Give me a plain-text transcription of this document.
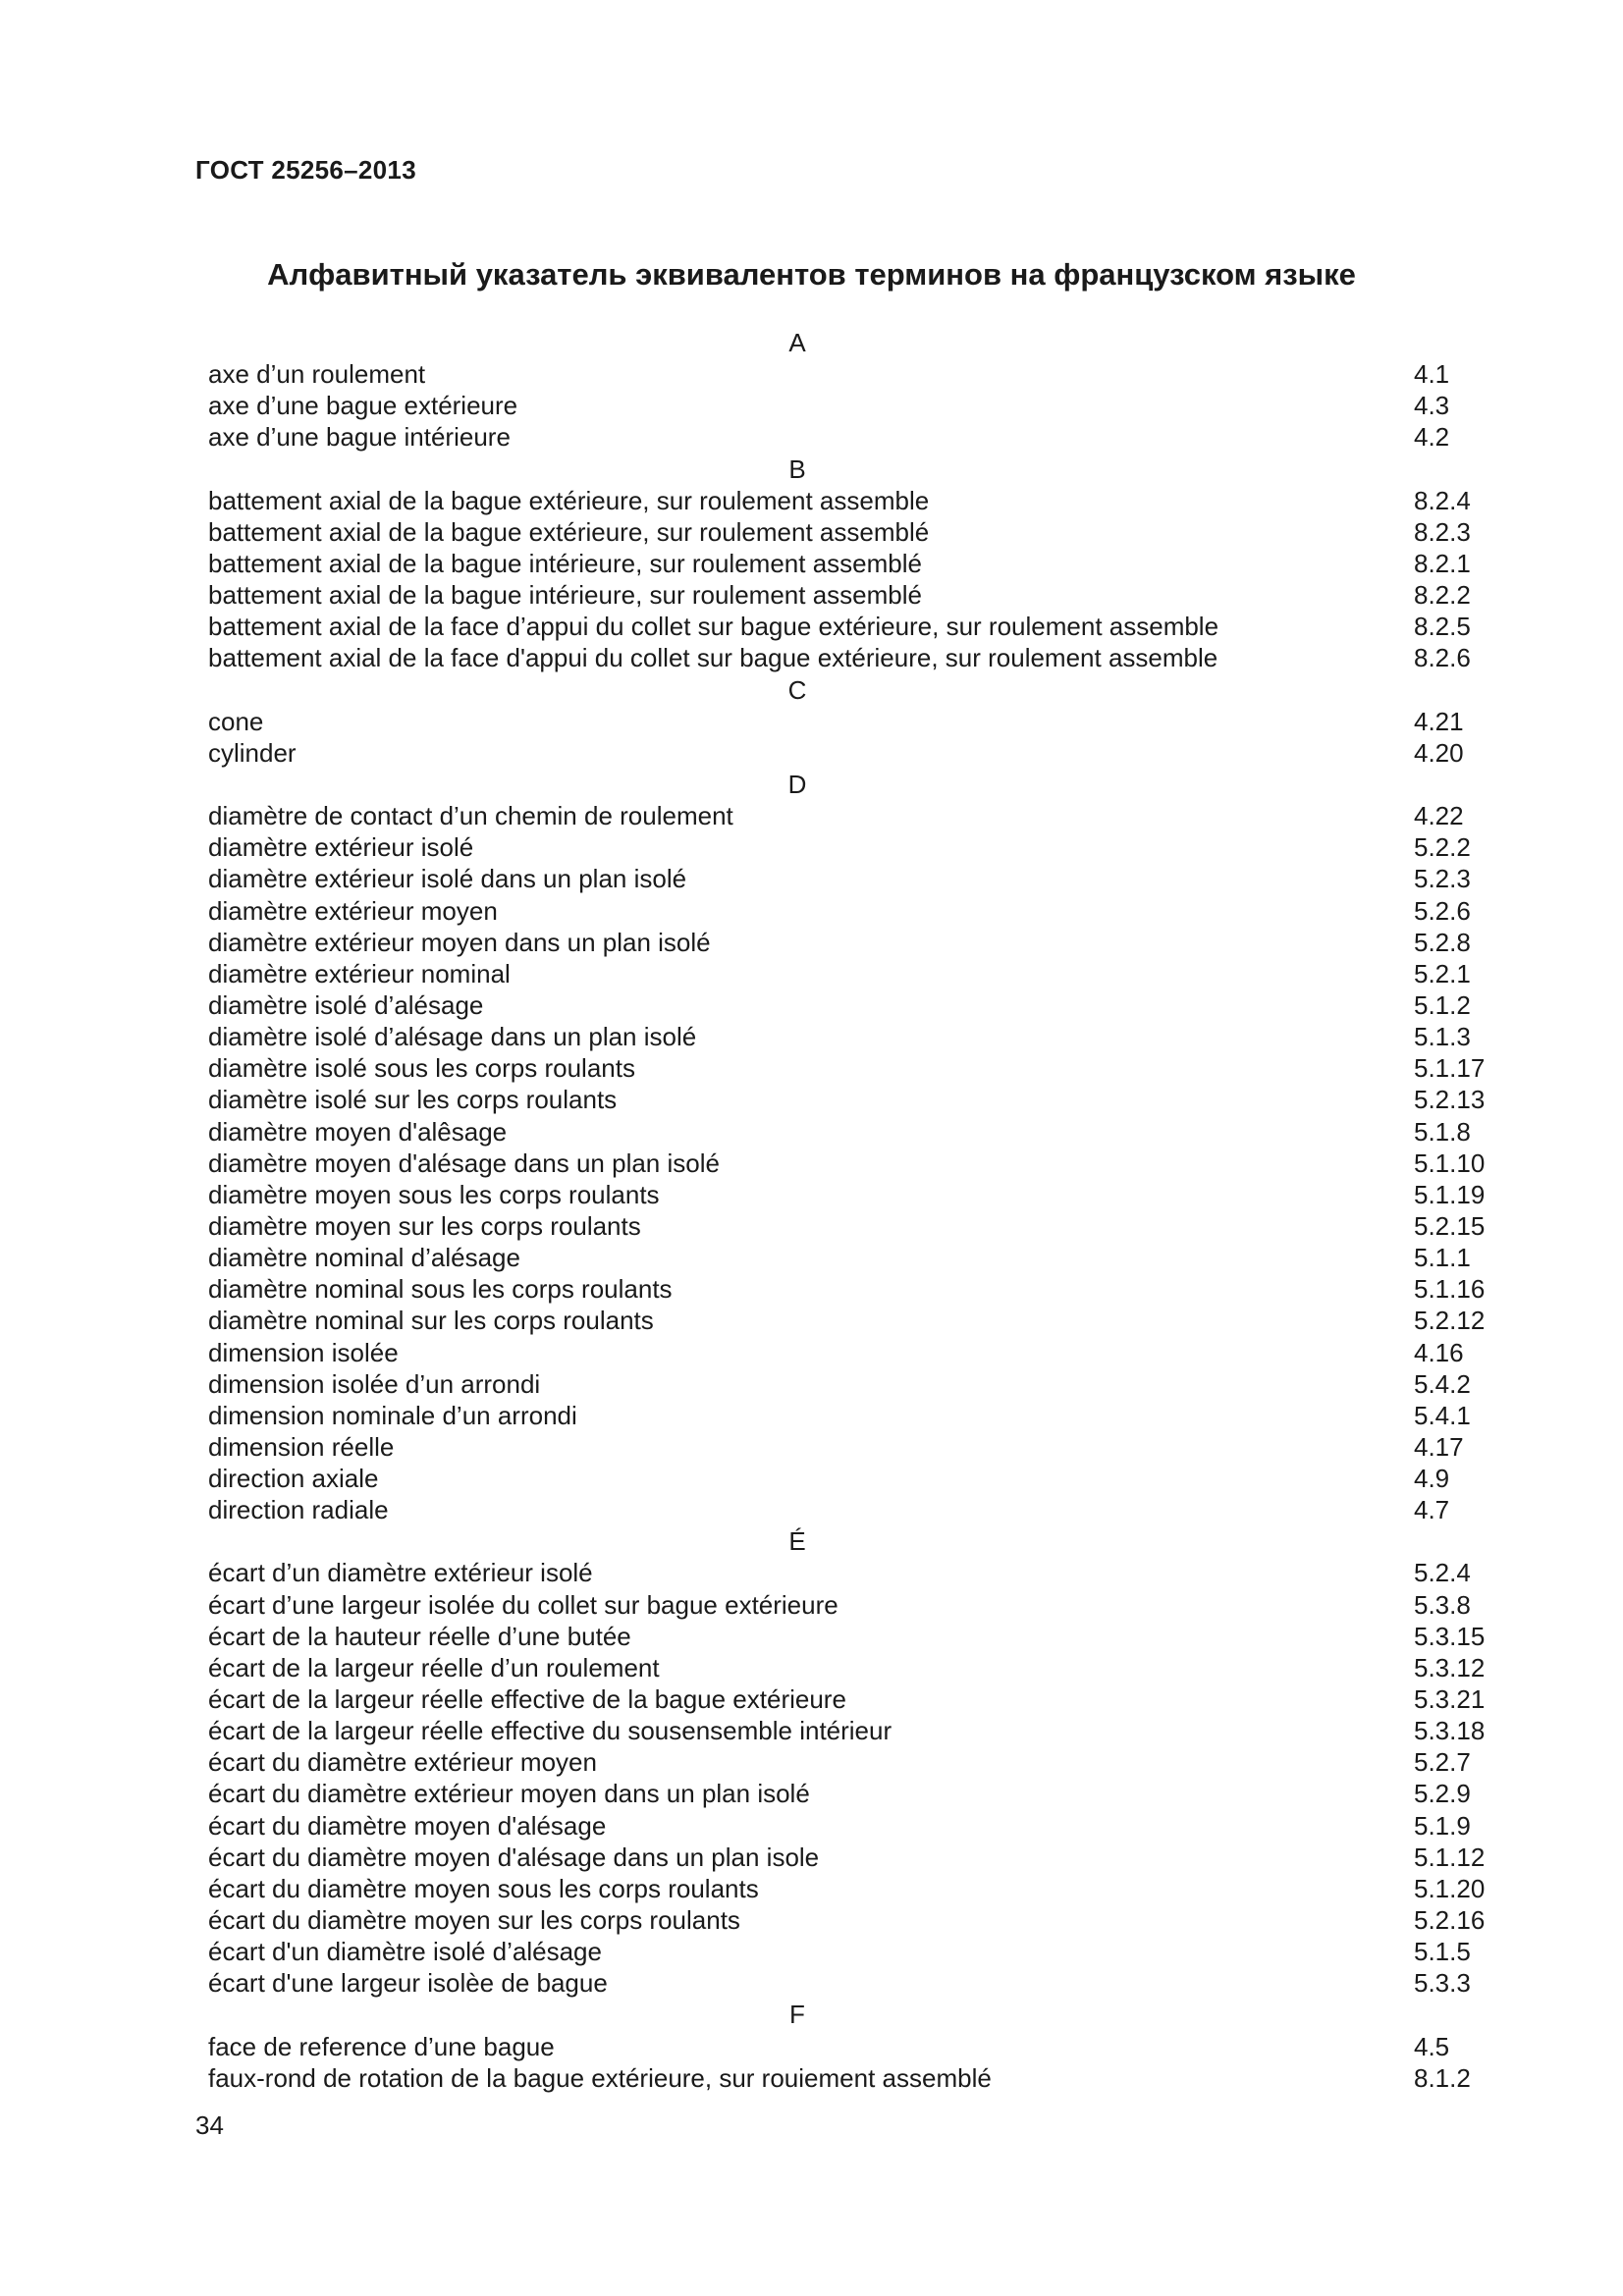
ГОСТ 25256–2013
Алфавитный указатель эквивалентов терминов на французском языке
A
axe d’un roulement	4.1
axe d’une bague extérieure	4.3
axe d’une bague intérieure	4.2
B
battement axial de la bague extérieure, sur roulement assemble	8.2.4
battement axial de la bague extérieure, sur roulement assemblé	8.2.3
battement axial de la bague intérieure, sur roulement assemblé	8.2.1
battement axial de la bague intérieure, sur roulement assemblé	8.2.2
battement axial de la face d’appui du collet sur bague extérieure, sur roulement assemble	8.2.5
battement axial de la face d'appui du collet sur bague extérieure, sur roulement assemble	8.2.6
C
cone	4.21
cylinder	4.20
D
diamètre de contact d’un chemin de roulement	4.22
diamètre extérieur isolé	5.2.2
diamètre extérieur isolé dans un plan isolé	5.2.3
diamètre extérieur moyen	5.2.6
diamètre extérieur moyen dans un plan isolé	5.2.8
diamètre extérieur nominal	5.2.1
diamètre isolé d’alésage	5.1.2
diamètre isolé d’alésage dans un plan isolé	5.1.3
diamètre isolé sous les corps roulants	5.1.17
diamètre isolé sur les corps roulants	5.2.13
diamètre moyen d'alêsage	5.1.8
diamètre moyen d'alésage dans un plan isolé	5.1.10
diamètre moyen sous les corps roulants	5.1.19
diamètre moyen sur les corps roulants	5.2.15
diamètre nominal d’alésage	5.1.1
diamètre nominal sous les corps roulants	5.1.16
diamètre nominal sur les corps roulants	5.2.12
dimension isolée	4.16
dimension isolée d’un arrondi	5.4.2
dimension nominale d’un arrondi	5.4.1
dimension réelle	4.17
direction axiale	4.9
direction radiale	4.7
É
écart d’un diamètre extérieur isolé	5.2.4
écart d’une largeur isolée du collet sur bague extérieure	5.3.8
écart de la hauteur réelle d’une butée	5.3.15
écart de la largeur réelle d’un roulement	5.3.12
écart de la largeur réelle effective de la bague extérieure	5.3.21
écart de la largeur réelle effective du sousensemble intérieur	5.3.18
écart du diamètre extérieur moyen	5.2.7
écart du diamètre extérieur moyen dans un plan isolé	5.2.9
écart du diamètre moyen d'alésage	5.1.9
écart du diamètre moyen d'alésage dans un plan isole	5.1.12
écart du diamètre moyen sous les corps roulants	5.1.20
écart du diamètre moyen sur les corps roulants	5.2.16
écart d'un diamètre isolé d’alésage	5.1.5
écart d'une largeur isolèe de bague	5.3.3
F
face de reference d’une bague	4.5
faux-rond de rotation de la bague extérieure, sur rouiement assemblé	8.1.2
34
